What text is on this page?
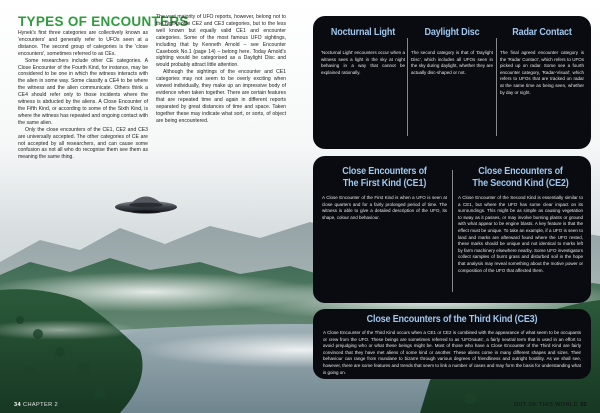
TYPES OF ENCOUNTERS

Hynek's first three categories are collectively known as 'encounters' and generally refer to UFOs seen at a distance. The second group of categories is the 'close encounters', sometimes referred to as CEs.

Some researchers include other CE categories. A Close Encounter of the Fourth Kind, for instance, may be considered to be one in which the witness interacts with the alien in some way. Some classify a CE4 to be where the witness and the alien communicate. Others think a CE4 should refer only to those incidents where the witness is abducted by the aliens. A Close Encounter of the Fifth Kind, or according to some of the Sixth Kind, is where the witness has repeated and ongoing contact with the same alien.

Only the close encounters of the CE1, CE2 and CE3 are universally accepted. The other categories of CE are not accepted by all researchers, and can cause some confusion as not all who do recognise them see them as meaning the same thing.

The vast majority of UFO reports, however, belong not to the high-profile CE2 and CE3 categories, but to the less well known but equally valid CE1 and encounter categories. Some of the most famous UFO sightings, including that by Kenneth Arnold – see Encounter Casebook No.1 (page 14) – belong here. Today Arnold's sighting would be categorised as a Daylight Disc and would probably attract little attention.

Although the sightings of the encounter and CE1 categories may not seem to be overly exciting when viewed individually, they make up an impressive body of evidence when taken together. There are certain features that are repeated time and again in different reports separated by great distances of time and space. Taken together these may indicate what sort, or sorts, of object are being encountered.

Nocturnal Light
'Nocturnal Light' encounters occur when a witness sees a light in the sky at night behaving in a way that cannot be explained rationally.
Daylight Disc
The second category is that of 'Daylight Disc', which includes all UFOs seen in the sky during daylight, whether they are actually disc-shaped or not.
Radar Contact
The final agreed encounter category is the 'Radar Contact', which refers to UFOs picked up on radar. Some see a fourth encounter category, 'Radar-Visual', which refers to UFOs that are tracked on radar at the same time as being seen, whether by day or night.
Close Encounters of
The First Kind (CE1)
A Close Encounter of the First Kind is when a UFO is seen at close quarters and for a fairly prolonged period of time. The witness is able to give a detailed description of the UFO, its shape, colour and behaviour.
Close Encounters of
The Second Kind (CE2)
A Close Encounter of the Second Kind is essentially similar to a CE1, but where the UFO has some clear impact on its surroundings. This might be as simple as causing vegetation to sway as it passes, or may involve burning plants or ground with what appear to be engine blasts. A key feature is that the effect must be unique. To take an example, if a UFO is seen to land and marks are afterward found where the UFO rested, these marks should be unique and not identical to marks left by farm machinery elsewhere nearby. Some UFO investigators collect samples of burnt grass and disturbed soil in the hope that analysis may reveal something about the motive power or composition of the UFO that affected them.
Close Encounters of the Third Kind (CE3)
A Close Encounter of the Third Kind occurs when a CE1 or CE2 is combined with the appearance of what seem to be occupants or crew from the UFO. These beings are sometimes referred to as 'UFOnauts', a fairly neutral term that is used in an effort to avoid prejudging who or what these beings might be. Most of those who have a Close Encounter of the Third Kind are fairly convinced that they have met aliens of some kind or another. These aliens come in many different shapes and sizes. Their behaviour can range from mundane to bizarre through various degrees of friendliness and outright hostility. As we shall see, however, there are some features and trends that seem to link a number of cases and may form the basis for understanding what is going on.
34 CHAPTER 2	OUT OF THIS WORLD 35
